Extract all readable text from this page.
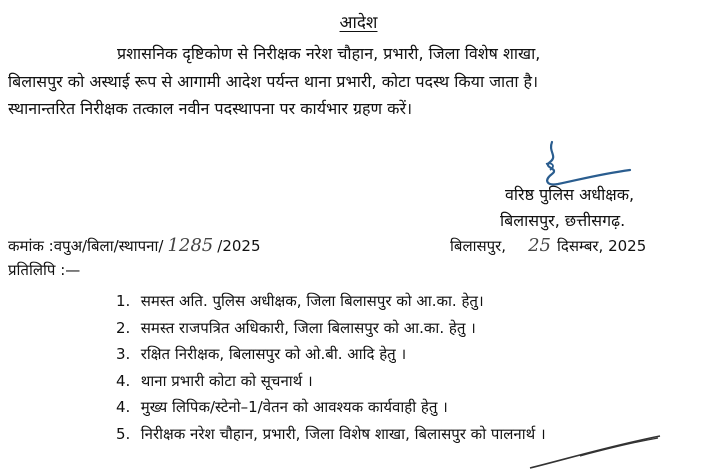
आदेश
प्रशासनिक दृष्टिकोण से निरीक्षक नरेश चौहान, प्रभारी, जिला विशेष शाखा,
बिलासपुर को अस्थाई रूप से आगामी आदेश पर्यन्त थाना प्रभारी, कोटा पदस्थ किया जाता है।
स्थानान्तरित निरीक्षक तत्काल नवीन पदस्थापना पर कार्यभार ग्रहण करें।
वरिष्ठ पुलिस अधीक्षक,
बिलासपुर, छत्तीसगढ़.
कमांक :वपुअ/बिला/स्थापना/ 1285 /2025	बिलासपुर, 25 दिसम्बर, 2025
प्रतिलिपि :—
1. समस्त अति. पुलिस अधीक्षक, जिला बिलासपुर को आ.का. हेतु।
2. समस्त राजपत्रित अधिकारी, जिला बिलासपुर को आ.का. हेतु ।
3. रक्षित निरीक्षक, बिलासपुर को ओ.बी. आदि हेतु ।
4. थाना प्रभारी कोटा को सूचनार्थ ।
4. मुख्य लिपिक/स्टेनो–1/वेतन को आवश्यक कार्यवाही हेतु ।
5. निरीक्षक नरेश चौहान, प्रभारी, जिला विशेष शाखा, बिलासपुर को पालनार्थ ।
